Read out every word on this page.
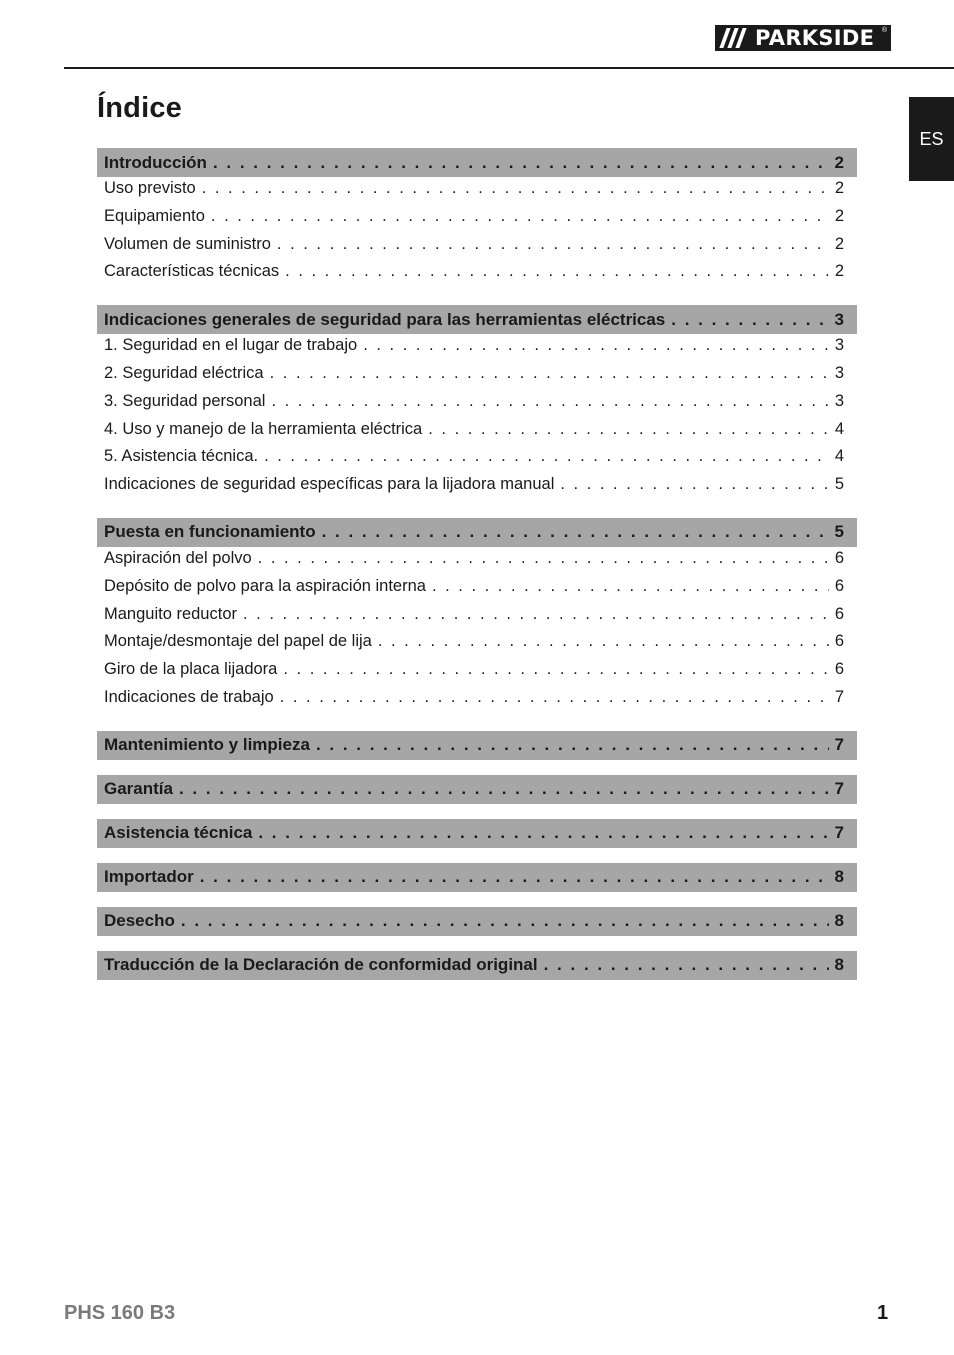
PARKSIDE ®
ES
Índice
Introducción . . .	2
Uso previsto . . .	2
Equipamiento . . .	2
Volumen de suministro . . .	2
Características técnicas . . .	2
Indicaciones generales de seguridad para las herramientas eléctricas . . .	3
1. Seguridad en el lugar de trabajo . . .	3
2. Seguridad eléctrica . . .	3
3. Seguridad personal . . .	3
4. Uso y manejo de la herramienta eléctrica . . .	4
5. Asistencia técnica. . . .	4
Indicaciones de seguridad específicas para la lijadora manual . . .	5
Puesta en funcionamiento . . .	5
Aspiración del polvo . . .	6
Depósito de polvo para la aspiración interna . . .	6
Manguito reductor . . .	6
Montaje/desmontaje del papel de lija . . .	6
Giro de la placa lijadora . . .	6
Indicaciones de trabajo . . .	7
Mantenimiento y limpieza . . .	7
Garantía . . .	7
Asistencia técnica . . .	7
Importador . . .	8
Desecho . . .	8
Traducción de la Declaración de conformidad original . . .	8
PHS 160 B3	1
